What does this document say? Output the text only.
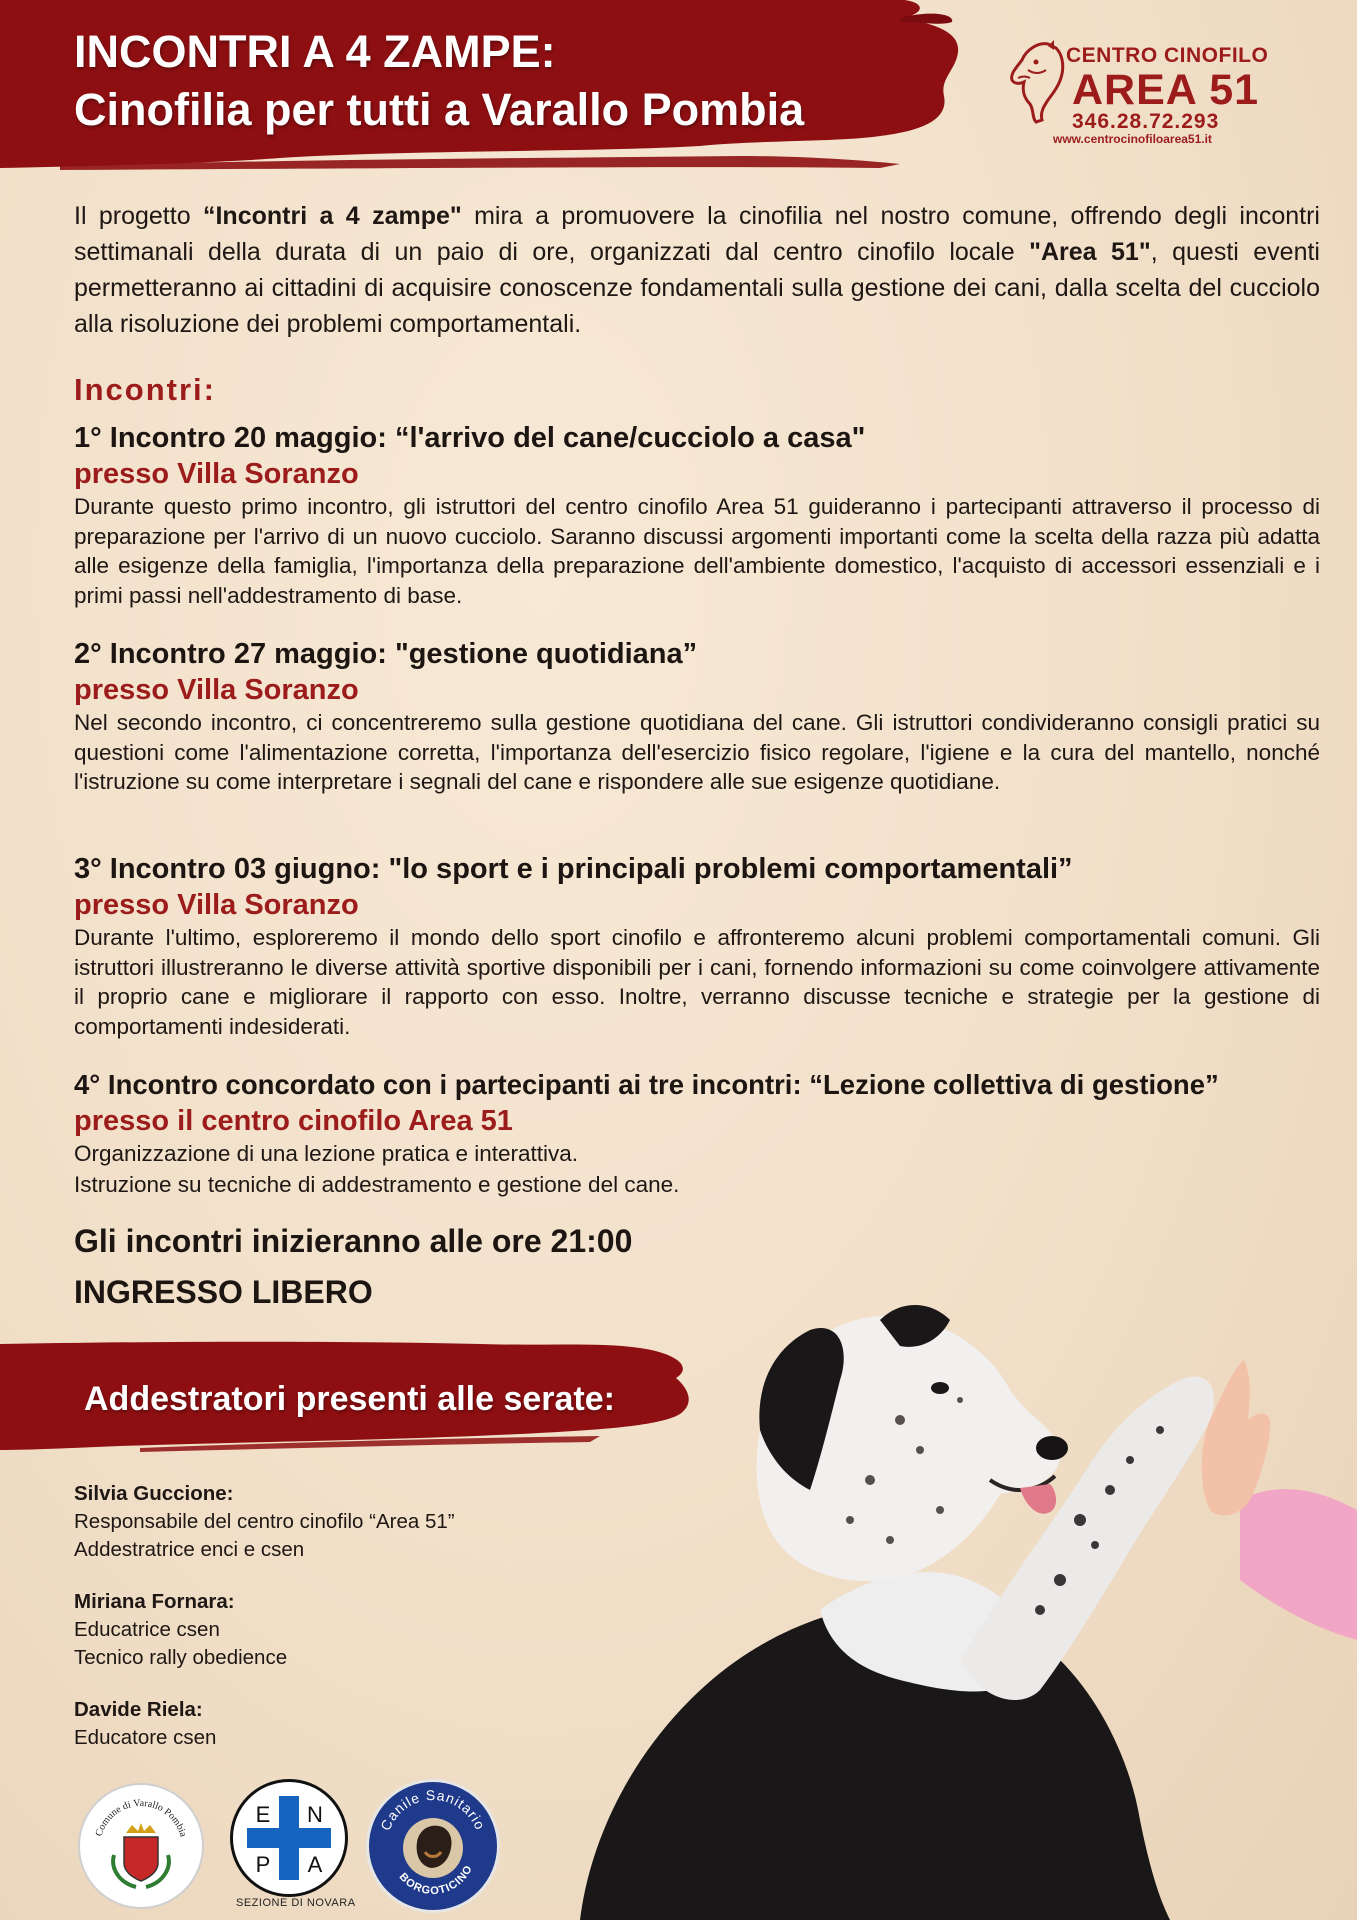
INCONTRI A 4 ZAMPE:
Cinofilia per tutti a Varallo Pombia
CENTRO CINOFILO
AREA 51
346.28.72.293
www.centrocinofiloarea51.it
Il progetto “Incontri a 4 zampe" mira a promuovere la cinofilia nel nostro comune, offrendo degli incontri settimanali della durata di un paio di ore, organizzati dal centro cinofilo locale "Area 51", questi eventi permetteranno ai cittadini di acquisire conoscenze fondamentali sulla gestione dei cani, dalla scelta del cucciolo alla risoluzione dei problemi comportamentali.
Incontri:
1° Incontro 20 maggio: “l'arrivo del cane/cucciolo a casa"
presso Villa Soranzo
Durante questo primo incontro, gli istruttori del centro cinofilo Area 51 guideranno i partecipanti attraverso il processo di preparazione per l'arrivo di un nuovo cucciolo. Saranno discussi argomenti importanti come la scelta della razza più adatta alle esigenze della famiglia, l'importanza della preparazione dell'ambiente domestico, l'acquisto di accessori essenziali e i primi passi nell'addestramento di base.
2° Incontro 27 maggio: "gestione quotidiana”
presso Villa Soranzo
Nel secondo incontro, ci concentreremo sulla gestione quotidiana del cane. Gli istruttori condivideranno consigli pratici su questioni come l'alimentazione corretta, l'importanza dell'esercizio fisico regolare, l'igiene e la cura del mantello, nonché l'istruzione su come interpretare i segnali del cane e rispondere alle sue esigenze quotidiane.
3° Incontro 03 giugno: "lo sport e i principali problemi comportamentali”
presso Villa Soranzo
Durante l'ultimo, esploreremo il mondo dello sport cinofilo e affronteremo alcuni problemi comportamentali comuni. Gli istruttori illustreranno le diverse attività sportive disponibili per i cani, fornendo informazioni su come coinvolgere attivamente il proprio cane e migliorare il rapporto con esso. Inoltre, verranno discusse tecniche e strategie per la gestione di comportamenti indesiderati.
4° Incontro concordato con i partecipanti ai tre incontri: “Lezione collettiva di gestione”
presso il centro cinofilo Area 51
Organizzazione di una lezione pratica e interattiva.
Istruzione su tecniche di addestramento e gestione del cane.
Gli incontri inizieranno alle ore 21:00
INGRESSO LIBERO
Addestratori presenti alle serate:
Silvia Guccione:
Responsabile del centro cinofilo “Area 51”
Addestratrice enci e csen
Miriana Fornara:
Educatrice csen
Tecnico rally obedience
Davide Riela:
Educatore csen
Comune di Varallo Pombia
E N
P A
SEZIONE DI NOVARA
Canile Sanitario
BORGOTICINO
